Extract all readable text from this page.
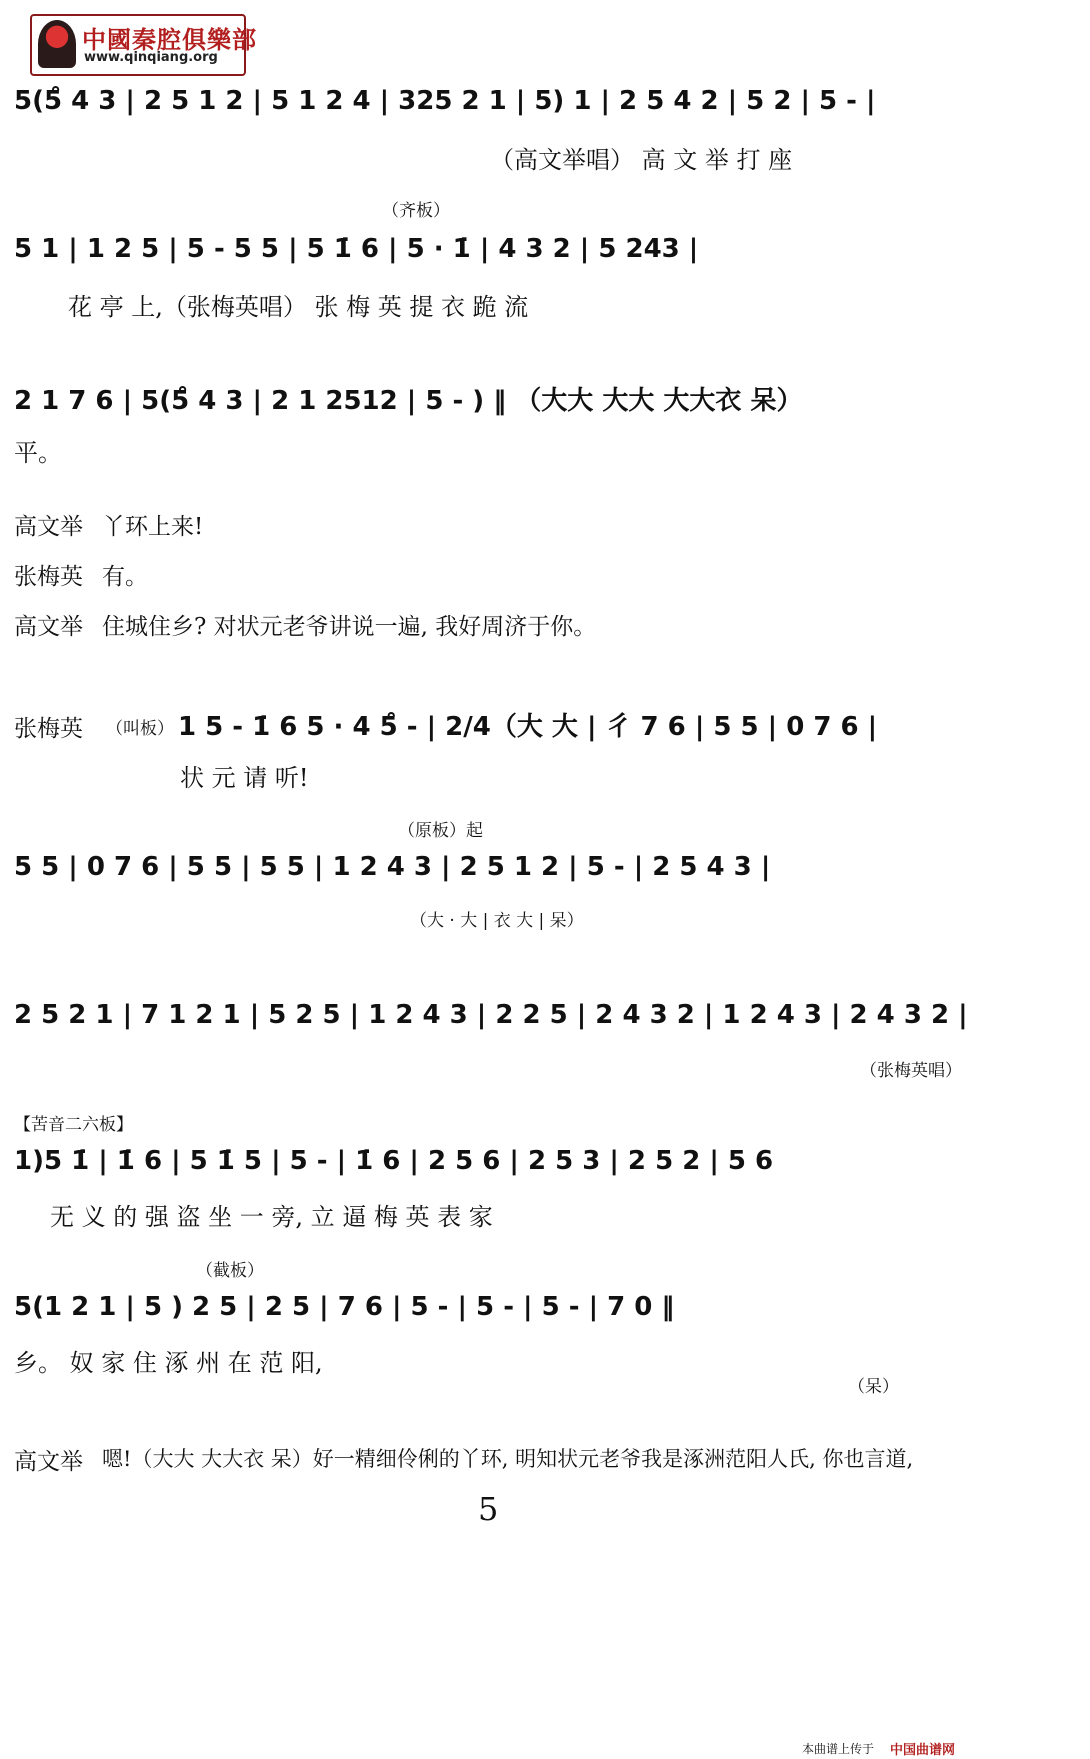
中國秦腔俱樂部
www.qinqiang.org
5(5̊ 4 3 | 2 5 1 2 | 5 1 2 4 | 325 2 1 | 5) 1 | 2 5 4 2 | 5 2 | 5 - |
（高文举唱） 高 文 举 打 座
（齐板）
5 1 | 1 2 5 | 5 - 5 5 | 5 1̇ 6 | 5 · 1̇ | 4 3 2 | 5 243 |
花 亭 上,（张梅英唱） 张 梅 英 提 衣 跪 流
2 1 7 6 | 5(5̊ 4 3 | 2 1 2512 | 5 - ) ‖ （大大 大大 大大衣 呆）
平。
高文举 丫环上来!
张梅英 有。
高文举 住城住乡? 对状元老爷讲说一遍, 我好周济于你。
张梅英 （叫板） 1 5 - 1̇ 6 5 · 4 5̊ - | 2/4（大 大 | 彳 7 6 | 5 5 | 0 7 6 |
状 元 请 听!
（原板）起
5 5 | 0 7 6 | 5 5 | 5 5 | 1 2 4 3 | 2 5 1 2 | 5 - | 2 5 4 3 |
（大 · 大 | 衣 大 | 呆）
2 5 2 1 | 7 1 2 1 | 5 2 5 | 1 2 4 3 | 2 2 5 | 2 4 3 2 | 1 2 4 3 | 2 4 3 2 |
（张梅英唱）
【苦音二六板】
1)5 1̇ | 1̇ 6 | 5 1̇ 5 | 5 - | 1̇ 6 | 2 5 6 | 2 5 3 | 2 5 2 | 5 6
无 义 的 强 盗 坐 一 旁, 立 逼 梅 英 表 家
（截板）
5(1 2 1 | 5 ) 2 5 | 2 5 | 7 6 | 5 - | 5 - | 5 - | 7 0 ‖
乡。 奴 家 住 涿 州 在 范 阳,
（呆）
高文举 嗯!（大大 大大衣 呆）好一精细伶俐的丫环, 明知状元老爷我是涿洲范阳人氏, 你也言道,
5
本曲谱上传于 中国曲谱网
